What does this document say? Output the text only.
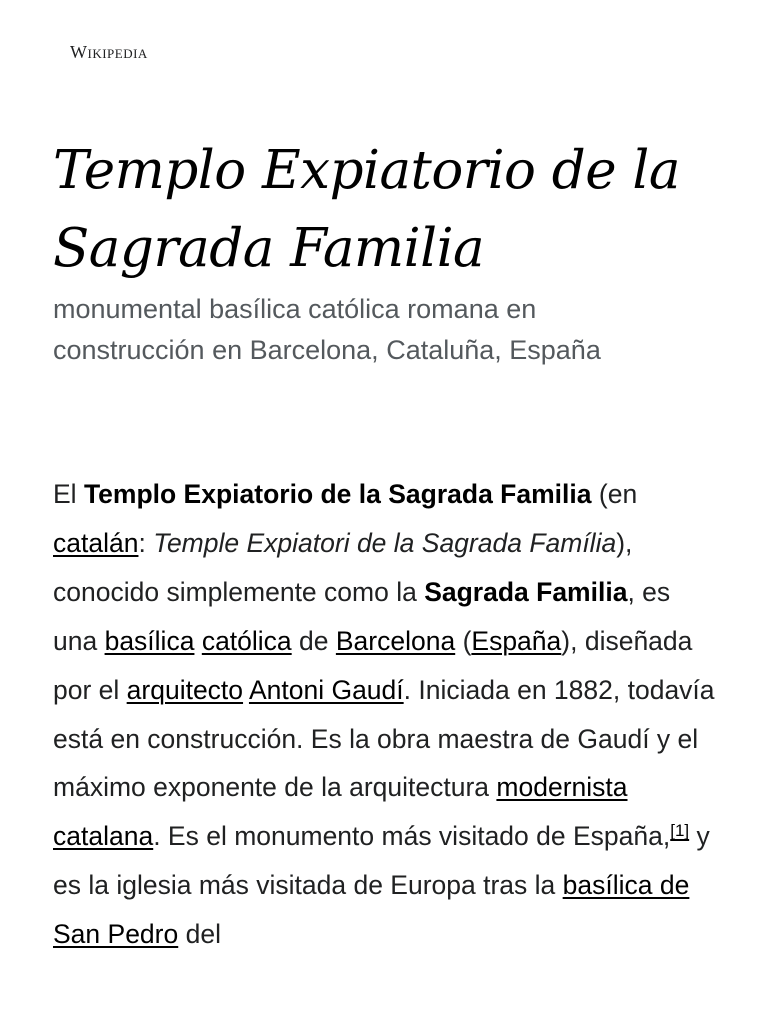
Wikipedia
Templo Expiatorio de la
Sagrada Familia

monumental basílica católica romana en construcción en Barcelona, Cataluña, España

El Templo Expiatorio de la Sagrada Familia (en catalán: Temple Expiatori de la Sagrada Família), conocido simplemente como la Sagrada Familia, es una basílica católica de Barcelona (España), diseñada por el arquitecto Antoni Gaudí. Iniciada en 1882, todavía está en construcción. Es la obra maestra de Gaudí y el máximo exponente de la arquitectura modernista catalana. Es el monumento más visitado de España,[1] y es la iglesia más visitada de Europa tras la basílica de San Pedro del
